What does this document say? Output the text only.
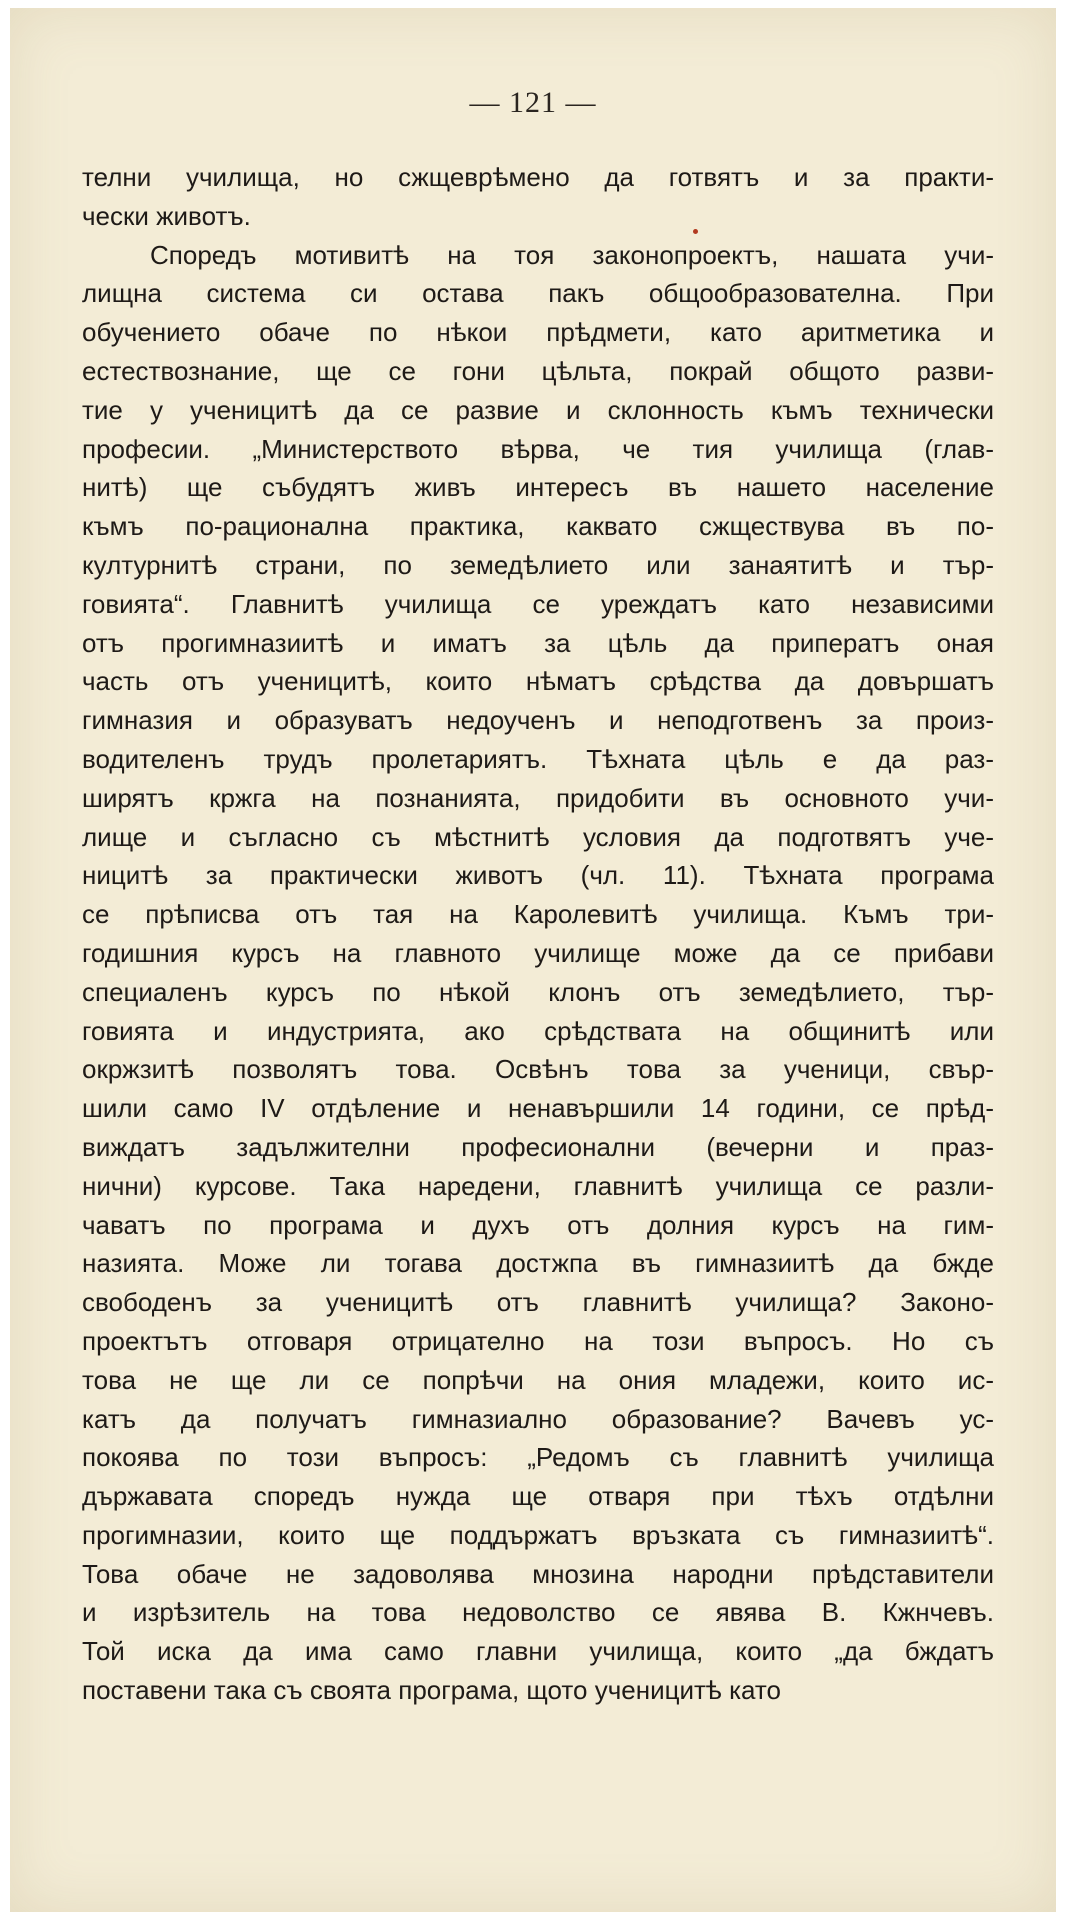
— 121 —
телни училища, но сжщеврѣмено да готвятъ и за практи-
чески животъ.
Споредъ мотивитѣ на тоя законопроектъ, нашата учи-
лищна система си остава пакъ общообразователна. При
обучението обаче по нѣкои прѣдмети, като аритметика и
естествознание, ще се гони цѣльта, покрай общото разви-
тие у ученицитѣ да се развие и склонность къмъ технически
професии. „Министерството вѣрва, че тия училища (глав-
нитѣ) ще събудятъ живъ интересъ въ нашето население
къмъ по-рационална практика, каквато сжществува въ по-
културнитѣ страни, по земедѣлието или занаятитѣ и тър-
говията“. Главнитѣ училища се уреждатъ като независими
отъ прогимназиитѣ и иматъ за цѣль да приператъ оная
часть отъ ученицитѣ, които нѣматъ срѣдства да довършатъ
гимназия и образуватъ недоученъ и неподготвенъ за произ-
водителенъ трудъ пролетариятъ. Тѣхната цѣль е да раз-
ширятъ кржга на познанията, придобити въ основното учи-
лище и съгласно съ мѣстнитѣ условия да подготвятъ уче-
ницитѣ за практически животъ (чл. 11). Тѣхната програма
се прѣписва отъ тая на Каролевитѣ училища. Къмъ три-
годишния курсъ на главното училище може да се прибави
специаленъ курсъ по нѣкой клонъ отъ земедѣлието, тър-
говията и индустрията, ако срѣдствата на общинитѣ или
окржзитѣ позволятъ това. Освѣнъ това за ученици, свър-
шили само IV отдѣление и ненавършили 14 години, се прѣд-
виждатъ задължителни професионални (вечерни и праз-
нични) курсове. Така наредени, главнитѣ училища се разли-
чаватъ по програма и духъ отъ долния курсъ на гим-
назията. Може ли тогава достжпа въ гимназиитѣ да бжде
свободенъ за ученицитѣ отъ главнитѣ училища? Законо-
проектътъ отговаря отрицателно на този въпросъ. Но съ
това не ще ли се попрѣчи на ония младежи, които ис-
катъ да получатъ гимназиално образование? Вачевъ ус-
покоява по този въпросъ: „Редомъ съ главнитѣ училища
държавата споредъ нужда ще отваря при тѣхъ отдѣлни
прогимназии, които ще поддържатъ връзката съ гимназиитѣ“.
Това обаче не задоволява мнозина народни прѣдставители
и изрѣзитель на това недоволство се явява В. Кжнчевъ.
Той иска да има само главни училища, които „да бждатъ
поставени така съ своята програма, щото ученицитѣ като
